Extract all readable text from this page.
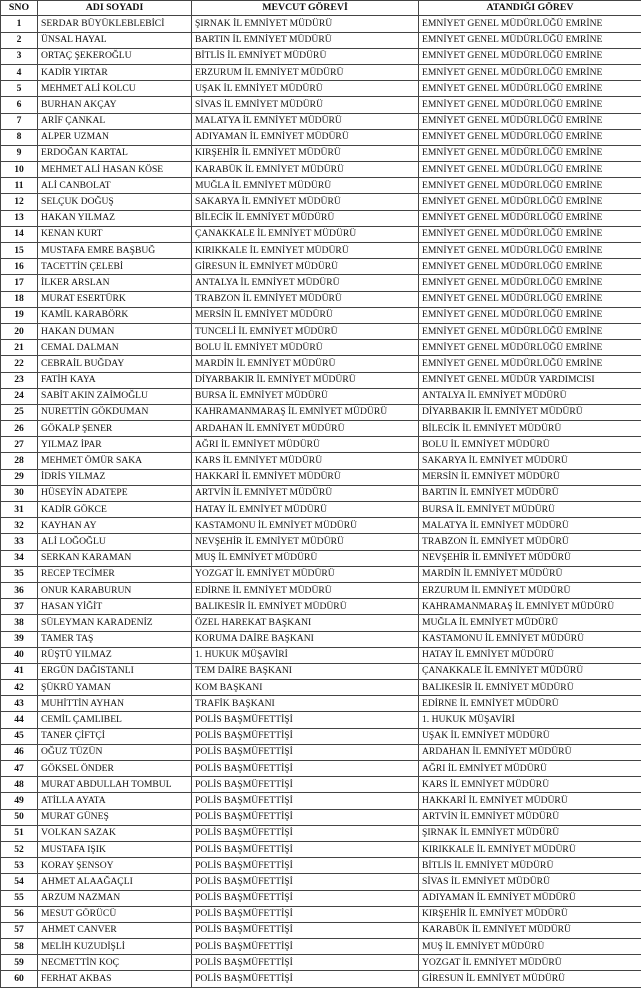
SNO	ADI SOYADI	MEVCUT GÖREVİ	ATANDIĞI GÖREV
1	SERDAR BÜYÜKLEBLEBİCİ	ŞIRNAK İL EMNİYET MÜDÜRÜ	EMNİYET GENEL MÜDÜRLÜĞÜ EMRİNE
2	ÜNSAL HAYAL	BARTIN İL EMNİYET MÜDÜRÜ	EMNİYET GENEL MÜDÜRLÜĞÜ EMRİNE
3	ORTAÇ ŞEKEROĞLU	BİTLİS İL EMNİYET MÜDÜRÜ	EMNİYET GENEL MÜDÜRLÜĞÜ EMRİNE
4	KADİR YIRTAR	ERZURUM İL EMNİYET MÜDÜRÜ	EMNİYET GENEL MÜDÜRLÜĞÜ EMRİNE
5	MEHMET ALİ KOLCU	UŞAK İL EMNİYET MÜDÜRÜ	EMNİYET GENEL MÜDÜRLÜĞÜ EMRİNE
6	BURHAN AKÇAY	SİVAS İL EMNİYET MÜDÜRÜ	EMNİYET GENEL MÜDÜRLÜĞÜ EMRİNE
7	ARİF ÇANKAL	MALATYA İL EMNİYET MÜDÜRÜ	EMNİYET GENEL MÜDÜRLÜĞÜ EMRİNE
8	ALPER UZMAN	ADIYAMAN İL EMNİYET MÜDÜRÜ	EMNİYET GENEL MÜDÜRLÜĞÜ EMRİNE
9	ERDOĞAN KARTAL	KIRŞEHİR İL EMNİYET MÜDÜRÜ	EMNİYET GENEL MÜDÜRLÜĞÜ EMRİNE
10	MEHMET ALİ HASAN KÖSE	KARABÜK İL EMNİYET MÜDÜRÜ	EMNİYET GENEL MÜDÜRLÜĞÜ EMRİNE
11	ALİ CANBOLAT	MUĞLA İL EMNİYET MÜDÜRÜ	EMNİYET GENEL MÜDÜRLÜĞÜ EMRİNE
12	SELÇUK DOĞUŞ	SAKARYA İL EMNİYET MÜDÜRÜ	EMNİYET GENEL MÜDÜRLÜĞÜ EMRİNE
13	HAKAN YILMAZ	BİLECİK İL EMNİYET MÜDÜRÜ	EMNİYET GENEL MÜDÜRLÜĞÜ EMRİNE
14	KENAN KURT	ÇANAKKALE İL EMNİYET MÜDÜRÜ	EMNİYET GENEL MÜDÜRLÜĞÜ EMRİNE
15	MUSTAFA EMRE BAŞBUĞ	KIRIKKALE İL EMNİYET MÜDÜRÜ	EMNİYET GENEL MÜDÜRLÜĞÜ EMRİNE
16	TACETTİN ÇELEBİ	GİRESUN İL EMNİYET MÜDÜRÜ	EMNİYET GENEL MÜDÜRLÜĞÜ EMRİNE
17	İLKER ARSLAN	ANTALYA İL EMNİYET MÜDÜRÜ	EMNİYET GENEL MÜDÜRLÜĞÜ EMRİNE
18	MURAT ESERTÜRK	TRABZON İL EMNİYET MÜDÜRÜ	EMNİYET GENEL MÜDÜRLÜĞÜ EMRİNE
19	KAMİL KARABÖRK	MERSİN İL EMNİYET MÜDÜRÜ	EMNİYET GENEL MÜDÜRLÜĞÜ EMRİNE
20	HAKAN DUMAN	TUNCELİ İL EMNİYET MÜDÜRÜ	EMNİYET GENEL MÜDÜRLÜĞÜ EMRİNE
21	CEMAL DALMAN	BOLU İL EMNİYET MÜDÜRÜ	EMNİYET GENEL MÜDÜRLÜĞÜ EMRİNE
22	CEBRAİL BUĞDAY	MARDİN İL EMNİYET MÜDÜRÜ	EMNİYET GENEL MÜDÜRLÜĞÜ EMRİNE
23	FATİH KAYA	DİYARBAKIR İL EMNİYET MÜDÜRÜ	EMNİYET GENEL MÜDÜR YARDIMCISI
24	SABİT AKIN ZAİMOĞLU	BURSA İL EMNİYET MÜDÜRÜ	ANTALYA İL EMNİYET MÜDÜRÜ
25	NURETTİN GÖKDUMAN	KAHRAMANMARAŞ İL EMNİYET MÜDÜRÜ	DİYARBAKIR İL EMNİYET MÜDÜRÜ
26	GÖKALP ŞENER	ARDAHAN İL EMNİYET MÜDÜRÜ	BİLECİK İL EMNİYET MÜDÜRÜ
27	YILMAZ İPAR	AĞRI İL EMNİYET MÜDÜRÜ	BOLU İL EMNİYET MÜDÜRÜ
28	MEHMET ÖMÜR SAKA	KARS İL EMNİYET MÜDÜRÜ	SAKARYA İL EMNİYET MÜDÜRÜ
29	İDRİS YILMAZ	HAKKARİ İL EMNİYET MÜDÜRÜ	MERSİN İL EMNİYET MÜDÜRÜ
30	HÜSEYİN ADATEPE	ARTVİN İL EMNİYET MÜDÜRÜ	BARTIN İL EMNİYET MÜDÜRÜ
31	KADİR GÖKCE	HATAY İL EMNİYET MÜDÜRÜ	BURSA İL EMNİYET MÜDÜRÜ
32	KAYHAN AY	KASTAMONU İL EMNİYET MÜDÜRÜ	MALATYA İL EMNİYET MÜDÜRÜ
33	ALİ LOĞOĞLU	NEVŞEHİR İL EMNİYET MÜDÜRÜ	TRABZON İL EMNİYET MÜDÜRÜ
34	SERKAN KARAMAN	MUŞ İL EMNİYET MÜDÜRÜ	NEVŞEHİR İL EMNİYET MÜDÜRÜ
35	RECEP TECİMER	YOZGAT İL EMNİYET MÜDÜRÜ	MARDİN İL EMNİYET MÜDÜRÜ
36	ONUR KARABURUN	EDİRNE İL EMNİYET MÜDÜRÜ	ERZURUM İL EMNİYET MÜDÜRÜ
37	HASAN YİĞİT	BALIKESİR İL EMNİYET MÜDÜRÜ	KAHRAMANMARAŞ İL EMNİYET MÜDÜRÜ
38	SÜLEYMAN KARADENİZ	ÖZEL HAREKAT BAŞKANI	MUĞLA İL EMNİYET MÜDÜRÜ
39	TAMER TAŞ	KORUMA DAİRE BAŞKANI	KASTAMONU İL EMNİYET MÜDÜRÜ
40	RÜŞTÜ YILMAZ	1. HUKUK MÜŞAVİRİ	HATAY İL EMNİYET MÜDÜRÜ
41	ERGÜN DAĞISTANLI	TEM DAİRE BAŞKANI	ÇANAKKALE İL EMNİYET MÜDÜRÜ
42	ŞÜKRÜ YAMAN	KOM BAŞKANI	BALIKESİR İL EMNİYET MÜDÜRÜ
43	MUHİTTİN AYHAN	TRAFİK BAŞKANI	EDİRNE İL EMNİYET MÜDÜRÜ
44	CEMİL ÇAMLIBEL	POLİS BAŞMÜFETTİŞİ	1. HUKUK MÜŞAVİRİ
45	TANER ÇİFTÇİ	POLİS BAŞMÜFETTİŞİ	UŞAK İL EMNİYET MÜDÜRÜ
46	OĞUZ TÜZÜN	POLİS BAŞMÜFETTİŞİ	ARDAHAN İL EMNİYET MÜDÜRÜ
47	GÖKSEL ÖNDER	POLİS BAŞMÜFETTİŞİ	AĞRI İL EMNİYET MÜDÜRÜ
48	MURAT ABDULLAH TOMBUL	POLİS BAŞMÜFETTİŞİ	KARS İL EMNİYET MÜDÜRÜ
49	ATİLLA AYATA	POLİS BAŞMÜFETTİŞİ	HAKKARİ İL EMNİYET MÜDÜRÜ
50	MURAT GÜNEŞ	POLİS BAŞMÜFETTİŞİ	ARTVİN İL EMNİYET MÜDÜRÜ
51	VOLKAN SAZAK	POLİS BAŞMÜFETTİŞİ	ŞIRNAK İL EMNİYET MÜDÜRÜ
52	MUSTAFA IŞIK	POLİS BAŞMÜFETTİŞİ	KIRIKKALE İL EMNİYET MÜDÜRÜ
53	KORAY ŞENSOY	POLİS BAŞMÜFETTİŞİ	BİTLİS İL EMNİYET MÜDÜRÜ
54	AHMET ALAAĞAÇLI	POLİS BAŞMÜFETTİŞİ	SİVAS İL EMNİYET MÜDÜRÜ
55	ARZUM NAZMAN	POLİS BAŞMÜFETTİŞİ	ADIYAMAN İL EMNİYET MÜDÜRÜ
56	MESUT GÖRÜCÜ	POLİS BAŞMÜFETTİŞİ	KIRŞEHİR İL EMNİYET MÜDÜRÜ
57	AHMET CANVER	POLİS BAŞMÜFETTİŞİ	KARABÜK İL EMNİYET MÜDÜRÜ
58	MELİH KUZUDİŞLİ	POLİS BAŞMÜFETTİŞİ	MUŞ İL EMNİYET MÜDÜRÜ
59	NECMETTİN KOÇ	POLİS BAŞMÜFETTİŞİ	YOZGAT İL EMNİYET MÜDÜRÜ
60	FERHAT AKBAS	POLİS BAŞMÜFETTİŞİ	GİRESUN İL EMNİYET MÜDÜRÜ
